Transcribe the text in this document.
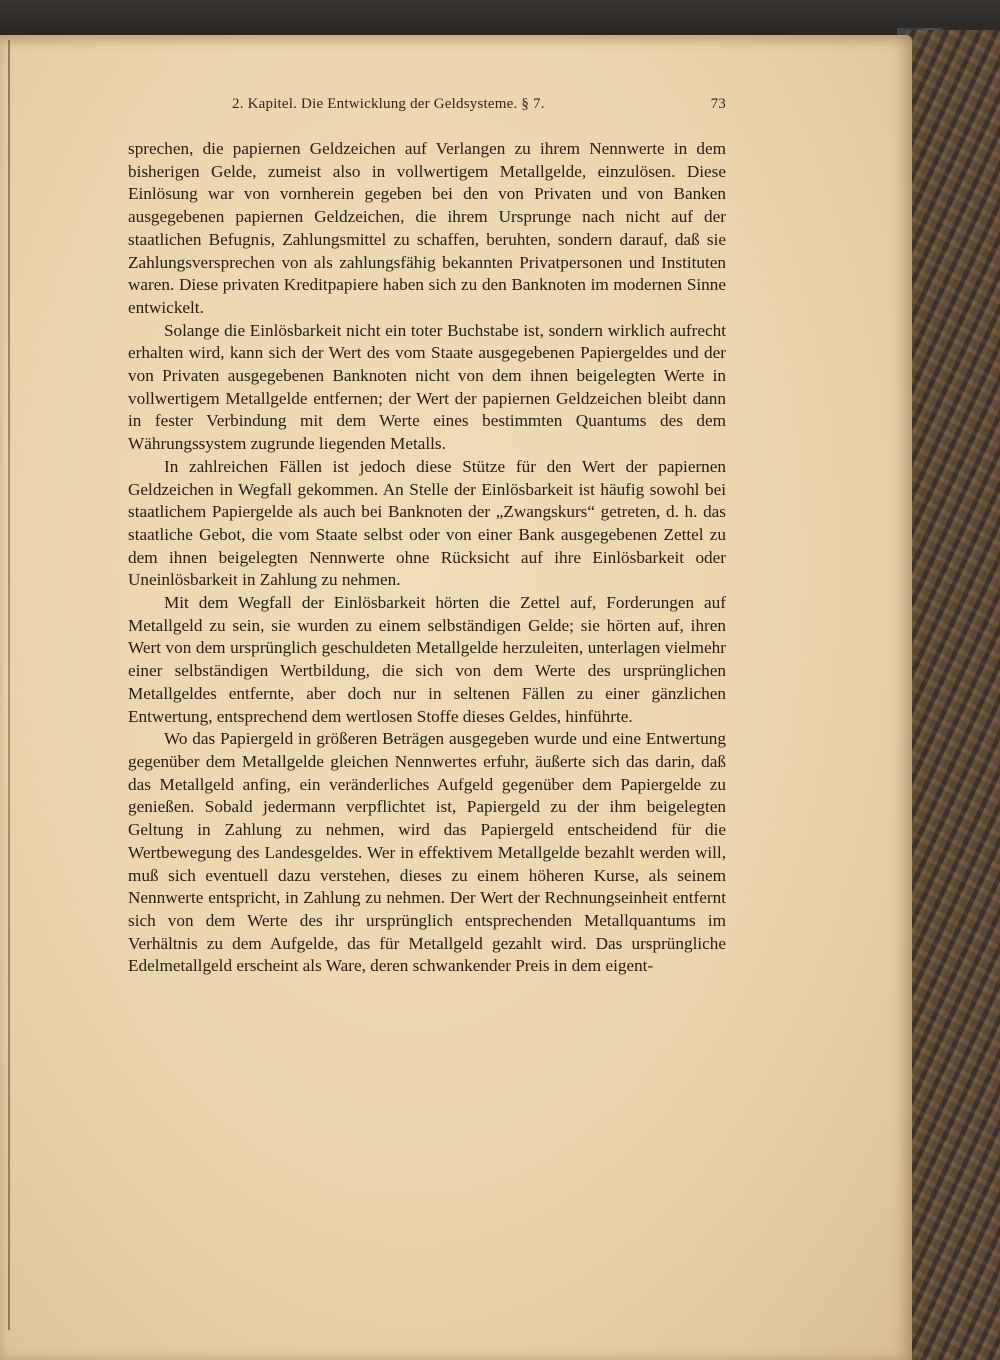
2. Kapitel. Die Entwicklung der Geldsysteme. § 7.	73

sprechen, die papiernen Geldzeichen auf Verlangen zu ihrem Nennwerte in dem bisherigen Gelde, zumeist also in vollwertigem Metallgelde, einzulösen. Diese Einlösung war von vornherein gegeben bei den von Privaten und von Banken ausgegebenen papiernen Geldzeichen, die ihrem Ursprunge nach nicht auf der staatlichen Befugnis, Zahlungsmittel zu schaffen, beruhten, sondern darauf, daß sie Zahlungsversprechen von als zahlungsfähig bekannten Privatpersonen und Instituten waren. Diese privaten Kreditpapiere haben sich zu den Banknoten im modernen Sinne entwickelt.

Solange die Einlösbarkeit nicht ein toter Buchstabe ist, sondern wirklich aufrecht erhalten wird, kann sich der Wert des vom Staate ausgegebenen Papiergeldes und der von Privaten ausgegebenen Banknoten nicht von dem ihnen beigelegten Werte in vollwertigem Metallgelde entfernen; der Wert der papiernen Geldzeichen bleibt dann in fester Verbindung mit dem Werte eines bestimmten Quantums des dem Währungssystem zugrunde liegenden Metalls.

In zahlreichen Fällen ist jedoch diese Stütze für den Wert der papiernen Geldzeichen in Wegfall gekommen. An Stelle der Einlösbarkeit ist häufig sowohl bei staatlichem Papiergelde als auch bei Banknoten der „Zwangskurs“ getreten, d. h. das staatliche Gebot, die vom Staate selbst oder von einer Bank ausgegebenen Zettel zu dem ihnen beigelegten Nennwerte ohne Rücksicht auf ihre Einlösbarkeit oder Uneinlösbarkeit in Zahlung zu nehmen.

Mit dem Wegfall der Einlösbarkeit hörten die Zettel auf, Forderungen auf Metallgeld zu sein, sie wurden zu einem selbständigen Gelde; sie hörten auf, ihren Wert von dem ursprünglich geschuldeten Metallgelde herzuleiten, unterlagen vielmehr einer selbständigen Wertbildung, die sich von dem Werte des ursprünglichen Metallgeldes entfernte, aber doch nur in seltenen Fällen zu einer gänzlichen Entwertung, entsprechend dem wertlosen Stoffe dieses Geldes, hinführte.

Wo das Papiergeld in größeren Beträgen ausgegeben wurde und eine Entwertung gegenüber dem Metallgelde gleichen Nennwertes erfuhr, äußerte sich das darin, daß das Metallgeld anfing, ein veränderliches Aufgeld gegenüber dem Papiergelde zu genießen. Sobald jedermann verpflichtet ist, Papiergeld zu der ihm beigelegten Geltung in Zahlung zu nehmen, wird das Papiergeld entscheidend für die Wertbewegung des Landesgeldes. Wer in effektivem Metallgelde bezahlt werden will, muß sich eventuell dazu verstehen, dieses zu einem höheren Kurse, als seinem Nennwerte entspricht, in Zahlung zu nehmen. Der Wert der Rechnungseinheit entfernt sich von dem Werte des ihr ursprünglich entsprechenden Metallquantums im Verhältnis zu dem Aufgelde, das für Metallgeld gezahlt wird. Das ursprüngliche Edelmetallgeld erscheint als Ware, deren schwankender Preis in dem eigent-
